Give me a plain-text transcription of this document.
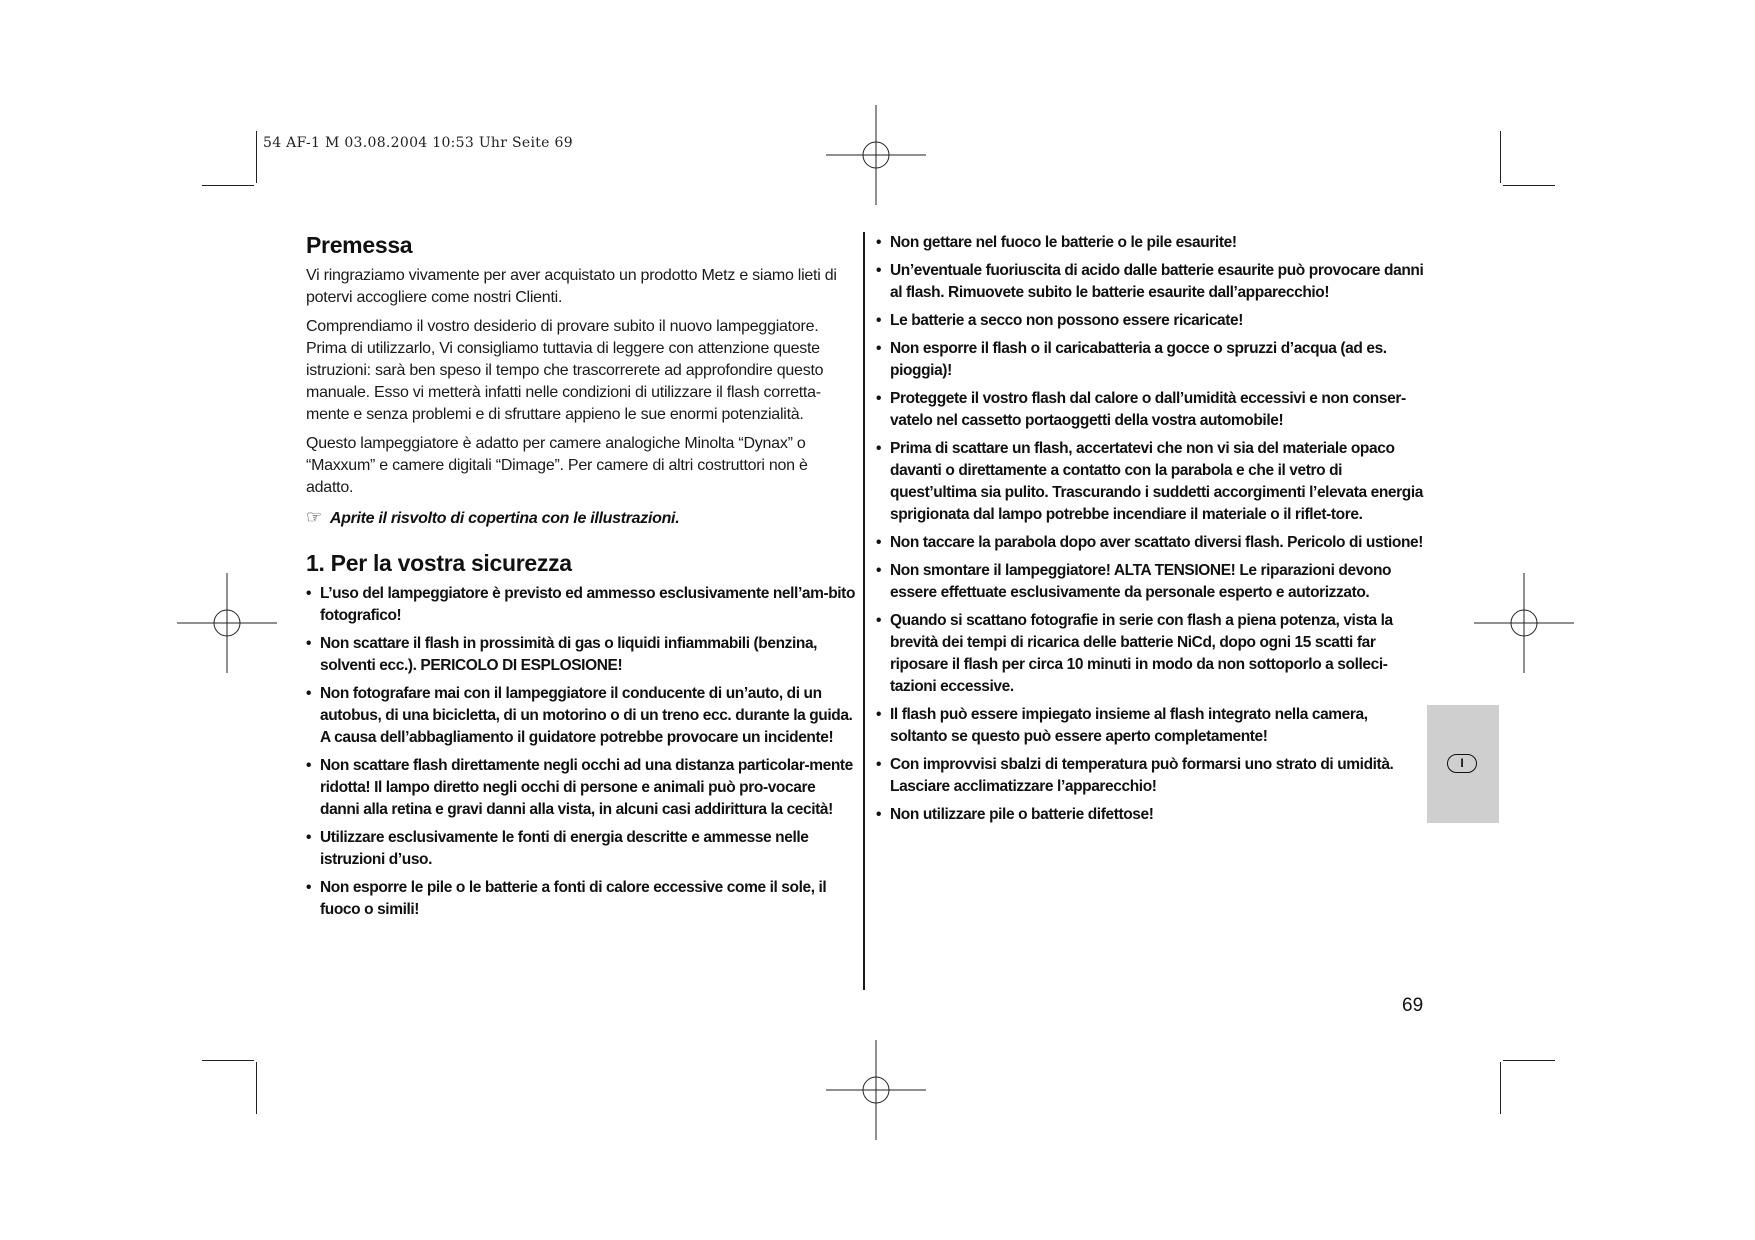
54 AF-1 M 03.08.2004 10:53 Uhr Seite 69
Premessa

Vi ringraziamo vivamente per aver acquistato un prodotto Metz e siamo lieti di potervi accogliere come nostri Clienti.

Comprendiamo il vostro desiderio di provare subito il nuovo lampeggiatore. Prima di utilizzarlo, Vi consigliamo tuttavia di leggere con attenzione queste istruzioni: sarà ben speso il tempo che trascorrerete ad approfondire questo manuale. Esso vi metterà infatti nelle condizioni di utilizzare il flash corretta-mente e senza problemi e di sfruttare appieno le sue enormi potenzialità.

Questo lampeggiatore è adatto per camere analogiche Minolta “Dynax” o “Maxxum” e camere digitali “Dimage”. Per camere di altri costruttori non è adatto.

☞ Aprite il risvolto di copertina con le illustrazioni.

1. Per la vostra sicurezza
• L’uso del lampeggiatore è previsto ed ammesso esclusivamente nell’am-bito fotografico!
• Non scattare il flash in prossimità di gas o liquidi infiammabili (benzina, solventi ecc.). PERICOLO DI ESPLOSIONE!
• Non fotografare mai con il lampeggiatore il conducente di un’auto, di un autobus, di una bicicletta, di un motorino o di un treno ecc. durante la guida. A causa dell’abbagliamento il guidatore potrebbe provocare un incidente!
• Non scattare flash direttamente negli occhi ad una distanza particolar-mente ridotta! Il lampo diretto negli occhi di persone e animali può pro-vocare danni alla retina e gravi danni alla vista, in alcuni casi addirittura la cecità!
• Utilizzare esclusivamente le fonti di energia descritte e ammesse nelle istruzioni d’uso.
• Non esporre le pile o le batterie a fonti di calore eccessive come il sole, il fuoco o simili!
• Non gettare nel fuoco le batterie o le pile esaurite!
• Un’eventuale fuoriuscita di acido dalle batterie esaurite può provocare danni al flash. Rimuovete subito le batterie esaurite dall’apparecchio!
• Le batterie a secco non possono essere ricaricate!
• Non esporre il flash o il caricabatteria a gocce o spruzzi d’acqua (ad es. pioggia)!
• Proteggete il vostro flash dal calore o dall’umidità eccessivi e non conser-vatelo nel cassetto portaoggetti della vostra automobile!
• Prima di scattare un flash, accertatevi che non vi sia del materiale opaco davanti o direttamente a contatto con la parabola e che il vetro di quest’ultima sia pulito. Trascurando i suddetti accorgimenti l’elevata energia sprigionata dal lampo potrebbe incendiare il materiale o il riflet-tore.
• Non taccare la parabola dopo aver scattato diversi flash. Pericolo di ustione!
• Non smontare il lampeggiatore! ALTA TENSIONE! Le riparazioni devono essere effettuate esclusivamente da personale esperto e autorizzato.
• Quando si scattano fotografie in serie con flash a piena potenza, vista la brevità dei tempi di ricarica delle batterie NiCd, dopo ogni 15 scatti far riposare il flash per circa 10 minuti in modo da non sottoporlo a solleci-tazioni eccessive.
• Il flash può essere impiegato insieme al flash integrato nella camera, soltanto se questo può essere aperto completamente!
• Con improvvisi sbalzi di temperatura può formarsi uno strato di umidità. Lasciare acclimatizzare l’apparecchio!
• Non utilizzare pile o batterie difettose!
I
69
